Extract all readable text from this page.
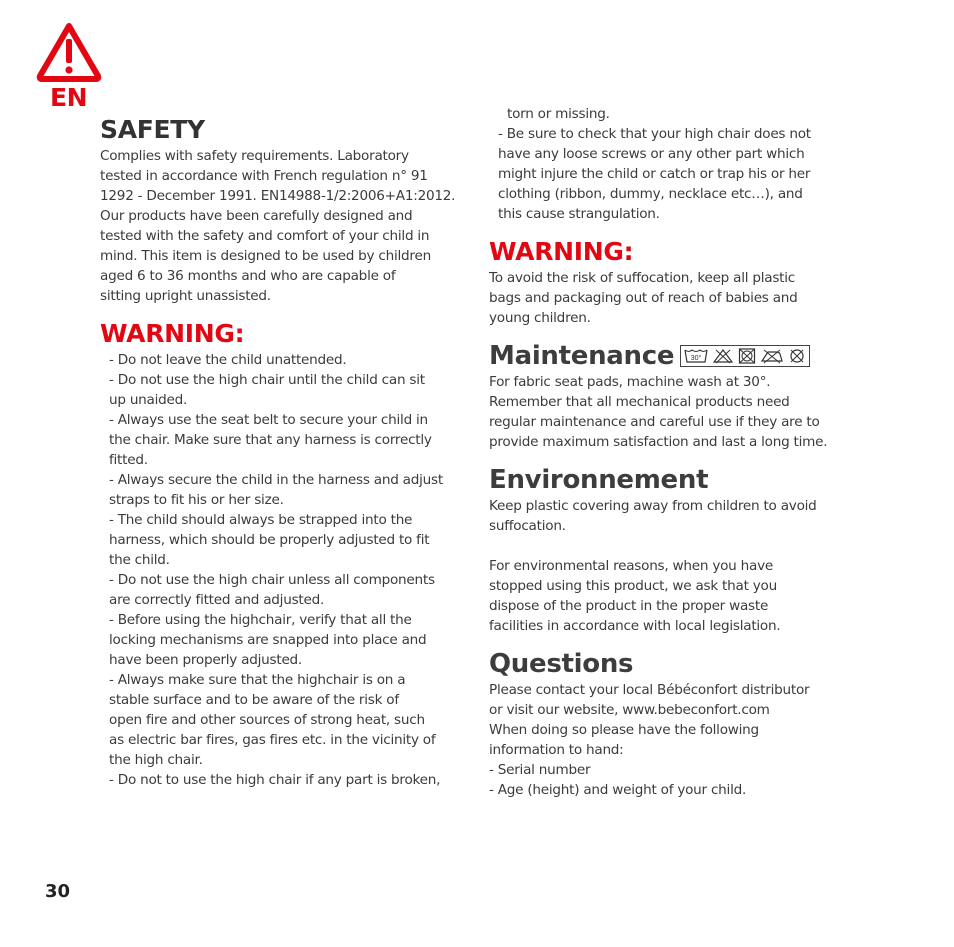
EN
SAFETY
Complies with safety requirements. Laboratory
tested in accordance with French regulation n° 91
1292 - December 1991. EN14988-1/2:2006+A1:2012.
Our products have been carefully designed and
tested with the safety and comfort of your child in
mind. This item is designed to be used by children
aged 6 to 36 months and who are capable of
sitting upright unassisted.
WARNING:
- Do not leave the child unattended.
- Do not use the high chair until the child can sit
up unaided.
- Always use the seat belt to secure your child in
the chair. Make sure that any harness is correctly
fitted.
- Always secure the child in the harness and adjust
straps to fit his or her size.
- The child should always be strapped into the
harness, which should be properly adjusted to fit
the child.
- Do not use the high chair unless all components
are correctly fitted and adjusted.
- Before using the highchair, verify that all the
locking mechanisms are snapped into place and
have been properly adjusted.
- Always make sure that the highchair is on a
stable surface and to be aware of the risk of
open fire and other sources of strong heat, such
as electric bar fires, gas fires etc. in the vicinity of
the high chair.
- Do not to use the high chair if any part is broken,
torn or missing.
- Be sure to check that your high chair does not
have any loose screws or any other part which
might injure the child or catch or trap his or her
clothing (ribbon, dummy, necklace etc…), and
this cause strangulation.
WARNING:
To avoid the risk of suffocation, keep all plastic
bags and packaging out of reach of babies and
young children.
Maintenance 30°
For fabric seat pads, machine wash at 30°.
Remember that all mechanical products need
regular maintenance and careful use if they are to
provide maximum satisfaction and last a long time.
Environnement
Keep plastic covering away from children to avoid
suffocation.
For environmental reasons, when you have
stopped using this product, we ask that you
dispose of the product in the proper waste
facilities in accordance with local legislation.
Questions
Please contact your local Bébéconfort distributor
or visit our website, www.bebeconfort.com
When doing so please have the following
information to hand:
- Serial number
- Age (height) and weight of your child.
30
